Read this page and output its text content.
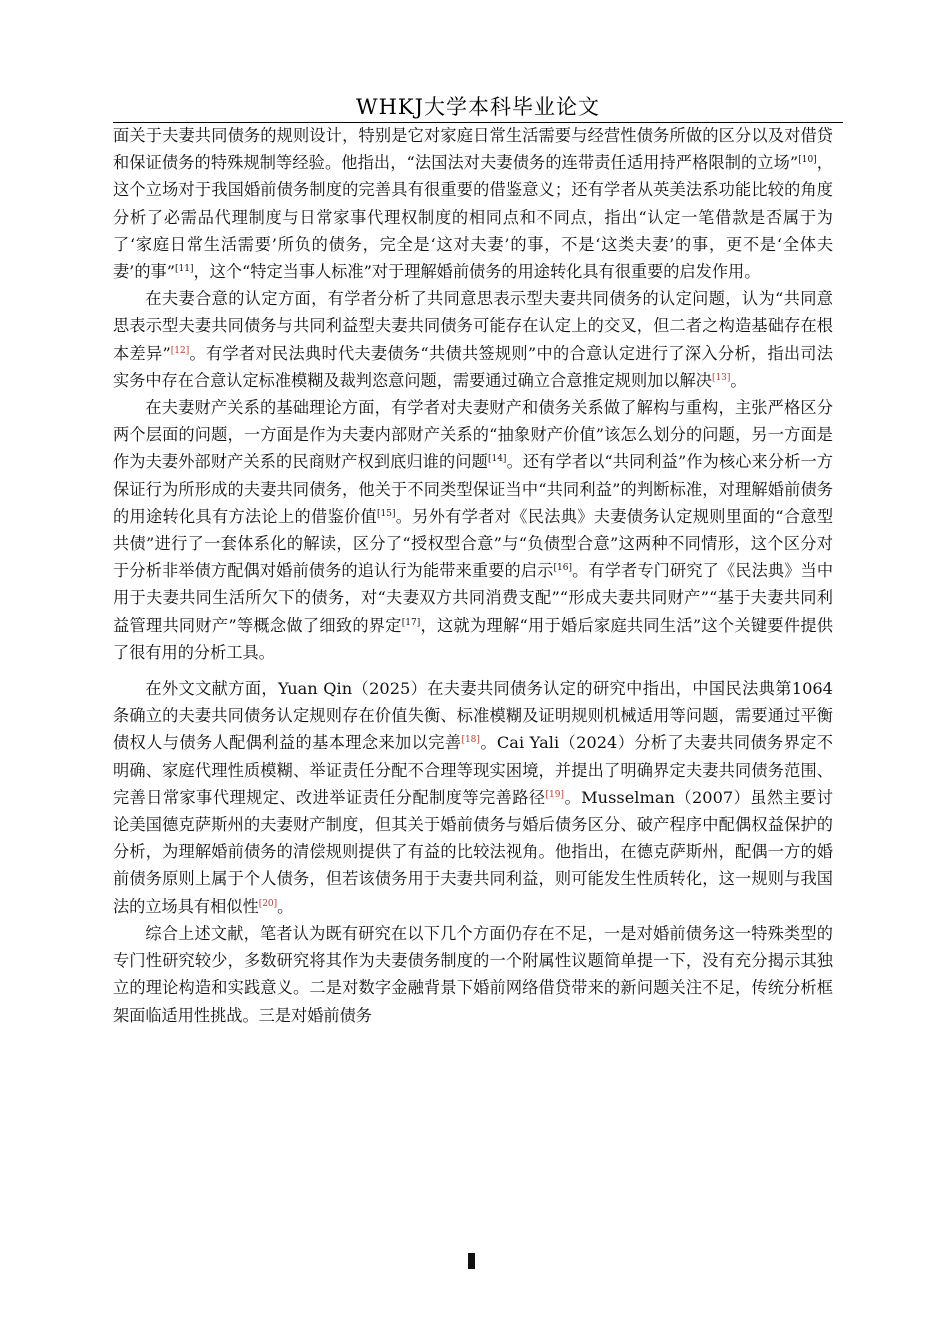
WHKJ大学本科毕业论文

面关于夫妻共同债务的规则设计，特别是它对家庭日常生活需要与经营性债务所做的区分以及对借贷和保证债务的特殊规制等经验。他指出，“法国法对夫妻债务的连带责任适用持严格限制的立场”[10]，这个立场对于我国婚前债务制度的完善具有很重要的借鉴意义；还有学者从英美法系功能比较的角度分析了必需品代理制度与日常家事代理权制度的相同点和不同点，指出“认定一笔借款是否属于为了‘家庭日常生活需要’所负的债务，完全是‘这对夫妻’的事，不是‘这类夫妻’的事，更不是‘全体夫妻’的事”[11]，这个“特定当事人标准”对于理解婚前债务的用途转化具有很重要的启发作用。

在夫妻合意的认定方面，有学者分析了共同意思表示型夫妻共同债务的认定问题，认为“共同意思表示型夫妻共同债务与共同利益型夫妻共同债务可能存在认定上的交叉，但二者之构造基础存在根本差异”[12]。有学者对民法典时代夫妻债务“共债共签规则”中的合意认定进行了深入分析，指出司法实务中存在合意认定标准模糊及裁判恣意问题，需要通过确立合意推定规则加以解决[13]。

在夫妻财产关系的基础理论方面，有学者对夫妻财产和债务关系做了解构与重构，主张严格区分两个层面的问题，一方面是作为夫妻内部财产关系的“抽象财产价值”该怎么划分的问题，另一方面是作为夫妻外部财产关系的民商财产权到底归谁的问题[14]。还有学者以“共同利益”作为核心来分析一方保证行为所形成的夫妻共同债务，他关于不同类型保证当中“共同利益”的判断标准，对理解婚前债务的用途转化具有方法论上的借鉴价值[15]。另外有学者对《民法典》夫妻债务认定规则里面的“合意型共债”进行了一套体系化的解读，区分了“授权型合意”与“负债型合意”这两种不同情形，这个区分对于分析非举债方配偶对婚前债务的追认行为能带来重要的启示[16]。有学者专门研究了《民法典》当中用于夫妻共同生活所欠下的债务，对“夫妻双方共同消费支配”“形成夫妻共同财产”“基于夫妻共同利益管理共同财产”等概念做了细致的界定[17]，这就为理解“用于婚后家庭共同生活”这个关键要件提供了很有用的分析工具。

在外文文献方面，Yuan Qin（2025）在夫妻共同债务认定的研究中指出，中国民法典第1064条确立的夫妻共同债务认定规则存在价值失衡、标准模糊及证明规则机械适用等问题，需要通过平衡债权人与债务人配偶利益的基本理念来加以完善[18]。Cai Yali（2024）分析了夫妻共同债务界定不明确、家庭代理性质模糊、举证责任分配不合理等现实困境，并提出了明确界定夫妻共同债务范围、完善日常家事代理规定、改进举证责任分配制度等完善路径[19]。Musselman（2007）虽然主要讨论美国德克萨斯州的夫妻财产制度，但其关于婚前债务与婚后债务区分、破产程序中配偶权益保护的分析，为理解婚前债务的清偿规则提供了有益的比较法视角。他指出，在德克萨斯州，配偶一方的婚前债务原则上属于个人债务，但若该债务用于夫妻共同利益，则可能发生性质转化，这一规则与我国法的立场具有相似性[20]。

综合上述文献，笔者认为既有研究在以下几个方面仍存在不足，一是对婚前债务这一特殊类型的专门性研究较少，多数研究将其作为夫妻债务制度的一个附属性议题简单提一下，没有充分揭示其独立的理论构造和实践意义。二是对数字金融背景下婚前网络借贷带来的新问题关注不足，传统分析框架面临适用性挑战。三是对婚前债务
